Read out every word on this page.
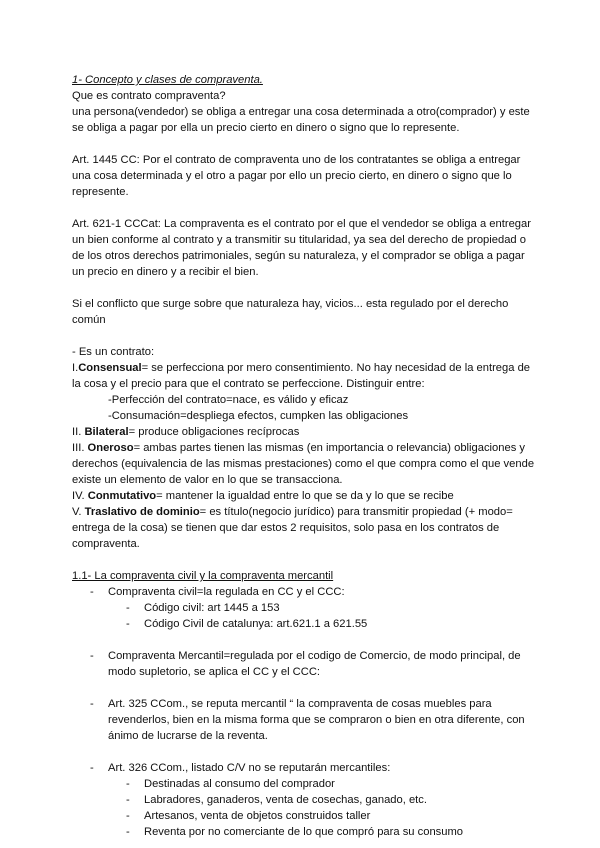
1- Concepto y clases de compraventa.

Que es contrato compraventa?

una persona(vendedor) se obliga a entregar una cosa determinada a otro(comprador) y este se obliga a pagar por ella un precio cierto en dinero o signo que lo represente.

Art. 1445 CC: Por el contrato de compraventa uno de los contratantes se obliga a entregar una cosa determinada y el otro a pagar por ello un precio cierto, en dinero o signo que lo represente.

Art. 621-1 CCCat: La compraventa es el contrato por el que el vendedor se obliga a entregar un bien conforme al contrato y a transmitir su titularidad, ya sea del derecho de propiedad o de los otros derechos patrimoniales, según su naturaleza, y el comprador se obliga a pagar un precio en dinero y a recibir el bien.

Si el conflicto que surge sobre que naturaleza hay, vicios... esta regulado por el derecho común

- Es un contrato:

I.Consensual= se perfecciona por mero consentimiento. No hay necesidad de la entrega de la cosa y el precio para que el contrato se perfeccione. Distinguir entre:

-Perfección del contrato=nace, es válido y eficaz

-Consumación=despliega efectos, cumpken las obligaciones

II. Bilateral= produce obligaciones recíprocas

III. Oneroso= ambas partes tienen las mismas (en importancia o relevancia) obligaciones y derechos (equivalencia de las mismas prestaciones) como el que compra como el que vende existe un elemento de valor en lo que se transacciona.

IV. Conmutativo= mantener la igualdad entre lo que se da y lo que se recibe

V. Traslativo de dominio= es título(negocio jurídico) para transmitir propiedad (+ modo= entrega de la cosa) se tienen que dar estos 2 requisitos, solo pasa en los contratos de compraventa.

1.1- La compraventa civil y la compraventa mercantil

- Compraventa civil=la regulada en CC y el CCC:

- Código civil: art 1445 a 153

- Código Civil de catalunya: art.621.1 a 621.55

- Compraventa Mercantil=regulada por el codigo de Comercio, de modo principal, de modo supletorio, se aplica el CC y el CCC:

- Art. 325 CCom., se reputa mercantil “ la compraventa de cosas muebles para revenderlos, bien en la misma forma que se compraron o bien en otra diferente, con ánimo de lucrarse de la reventa.

- Art. 326 CCom., listado C/V no se reputarán mercantiles:

- Destinadas al consumo del comprador

- Labradores, ganaderos, venta de cosechas, ganado, etc.

- Artesanos, venta de objetos construidos taller

- Reventa por no comerciante de lo que compró para su consumo
